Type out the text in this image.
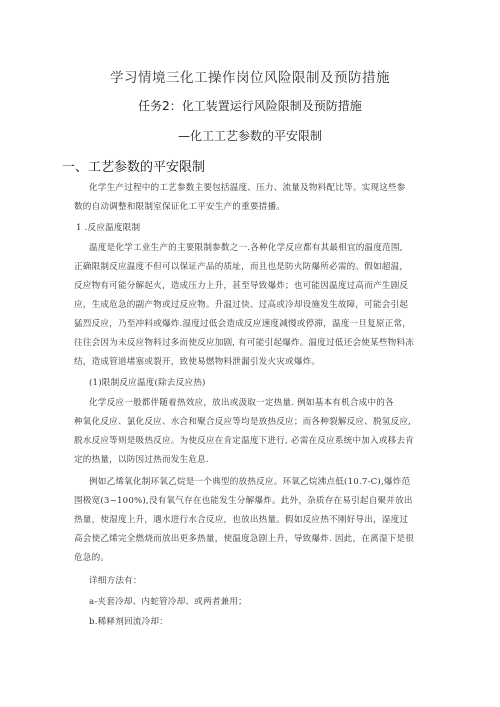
学习情境三化工操作岗位风险限制及预防措施
任务2：化工装置运行风险限制及预防措施
—化工工艺参数的平安限制
一、工艺参数的平安限制
化学生产过程中的工艺参数主要包括温度、压力、流量及物料配比等。实现这些参
数的自动调整和限制室保证化工平安生产的重要措播。
1 .反应温度限制
温度是化学工业生产的主要限制参数之一.各种化学反应都有其最相宜的温度范围,
正确限制反应温度不但可以保证产品的质址，而且也是防火防爆所必需的。假如超温，
反应物有可能分解起火，造成压力上升，甚至导致爆炸；也可能因温度过高而产生剧反
应，生成危急的副产物或过反应物。升温过快、过高或冷却设施发生故障，可能会引起
猛烈反应，乃至冲料或爆炸.湿度过低会造成反应速度减慢或停滞，温度一旦复原正常，
往往会因为未反应物料过多而使反应加剧, 有可能引起爆炸。温度过低还会使某些物料冻
结，造成管道堵塞或裂开，致使易燃物料泄漏引发火灾或爆炸。
(1)限制反应温度(除去反应热)
化学反应一般都伴随着热效应，放出或汲取一定热量. 例如基本有机合成中的各
种氧化反应、氯化反应、水合和聚合反应等均是放热反应；而各种裂解反应、脱氢反应,
脱水反应等则是吸热反应。为使反应在肯定温度下进行, 必需在反应系统中加入或移去肯
定的热量，以防因过热而发生危息.
例如乙烯氧化制环氧乙烷是一个典型的放热反应。环氧乙烷沸点低(10.7-C),爆炸范
围极宽(3~100%),没有氧气存在也能发生分解爆炸。此外，杂质存在易引起自聚并放出
热量，使湿度上升，遇水进行水合反应，也放出热量。假如反应热不刚好导出，湿度过
高会使乙烯完全燃烧而放出更多热量，使温度急剧上升，导致爆炸. 因此，在离湿下是很
危急的。
详细方法有：
a-夹套冷却、内蛇管冷却、或两者兼用；
b.稀释剂回流冷却：
